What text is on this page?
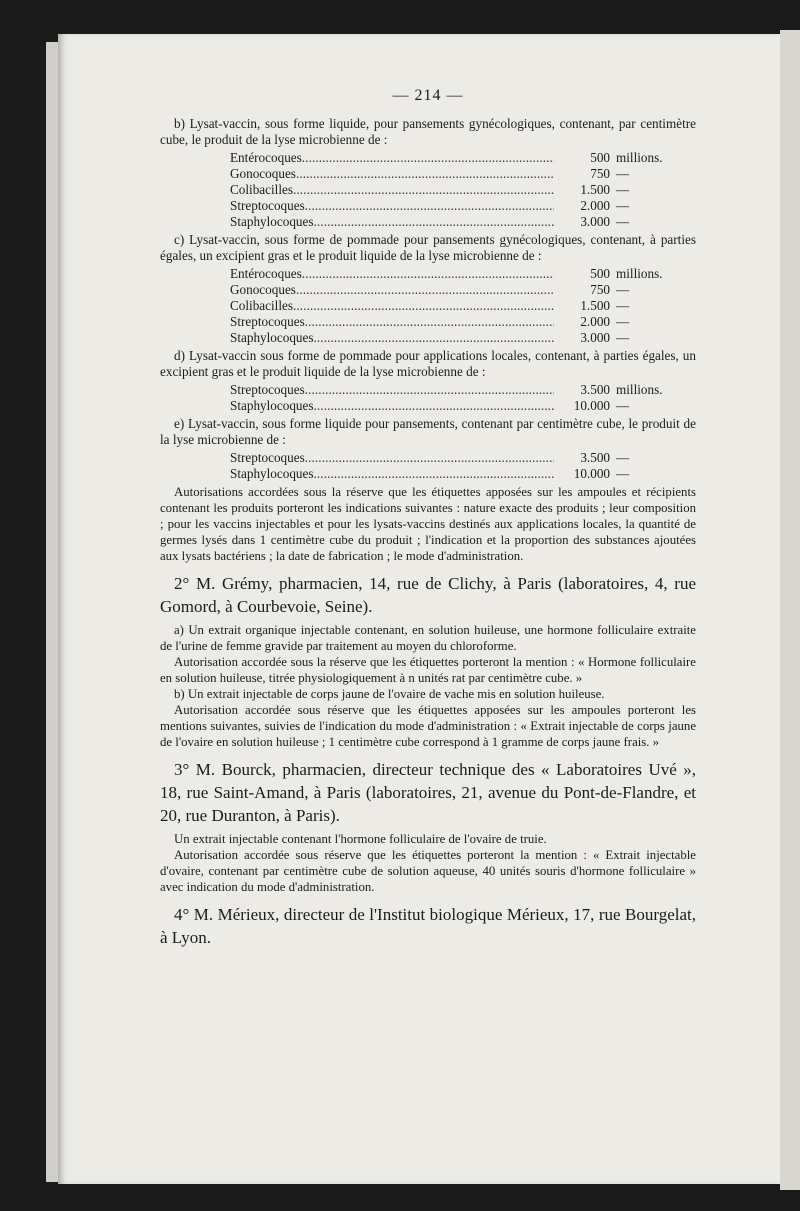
— 214 —

b) Lysat-vaccin, sous forme liquide, pour pansements gynécologiques, contenant, par centimètre cube, le produit de la lyse microbienne de :

Entérocoques . . .	500 millions.
Gonocoques . . .	750 —
Colibacilles . . .	1.500 —
Streptocoques . . .	2.000 —
Staphylocoques . . .	3.000 —

c) Lysat-vaccin, sous forme de pommade pour pansements gynécologiques, contenant, à parties égales, un excipient gras et le produit liquide de la lyse microbienne de :

Entérocoques . . .	500 millions.
Gonocoques . . .	750 —
Colibacilles . . .	1.500 —
Streptocoques . . .	2.000 —
Staphylocoques . . .	3.000 —

d) Lysat-vaccin sous forme de pommade pour applications locales, contenant, à parties égales, un excipient gras et le produit liquide de la lyse microbienne de :

Streptocoques . . .	3.500 millions.
Staphylocoques . . .	10.000 —

e) Lysat-vaccin, sous forme liquide pour pansements, contenant par centimètre cube, le produit de la lyse microbienne de :

Streptocoques . . .	3.500 —
Staphylocoques . . .	10.000 —

Autorisations accordées sous la réserve que les étiquettes apposées sur les ampoules et récipients contenant les produits porteront les indications suivantes : nature exacte des produits ; leur composition ; pour les vaccins injectables et pour les lysats-vaccins destinés aux applications locales, la quantité de germes lysés dans 1 centimètre cube du produit ; l'indication et la proportion des substances ajoutées aux lysats bactériens ; la date de fabrication ; le mode d'administration.

2° M. Grémy, pharmacien, 14, rue de Clichy, à Paris (laboratoires, 4, rue Gomord, à Courbevoie, Seine).

a) Un extrait organique injectable contenant, en solution huileuse, une hormone folliculaire extraite de l'urine de femme gravide par traitement au moyen du chloroforme.

Autorisation accordée sous la réserve que les étiquettes porteront la mention : « Hormone folliculaire en solution huileuse, titrée physiologiquement à n unités rat par centimètre cube. »

b) Un extrait injectable de corps jaune de l'ovaire de vache mis en solution huileuse.

Autorisation accordée sous réserve que les étiquettes apposées sur les ampoules porteront les mentions suivantes, suivies de l'indication du mode d'administration : « Extrait injectable de corps jaune de l'ovaire en solution huileuse ; 1 centimètre cube correspond à 1 gramme de corps jaune frais. »

3° M. Bourck, pharmacien, directeur technique des « Laboratoires Uvé », 18, rue Saint-Amand, à Paris (laboratoires, 21, avenue du Pont-de-Flandre, et 20, rue Duranton, à Paris).

Un extrait injectable contenant l'hormone folliculaire de l'ovaire de truie.

Autorisation accordée sous réserve que les étiquettes porteront la mention : « Extrait injectable d'ovaire, contenant par centimètre cube de solution aqueuse, 40 unités souris d'hormone folliculaire » avec indication du mode d'administration.

4° M. Mérieux, directeur de l'Institut biologique Mérieux, 17, rue Bourgelat, à Lyon.
